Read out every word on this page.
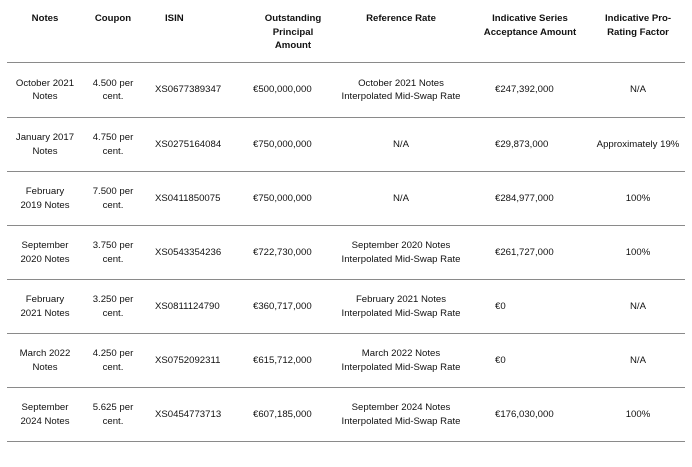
Notes	Coupon	ISIN	Outstanding Principal Amount	Reference Rate	Indicative Series Acceptance Amount	Indicative Pro-Rating Factor
October 2021 Notes	4.500 per cent.	XS0677389347	€500,000,000	October 2021 Notes Interpolated Mid-Swap Rate	€247,392,000	N/A
January 2017 Notes	4.750 per cent.	XS0275164084	€750,000,000	N/A	€29,873,000	Approximately 19%
February 2019 Notes	7.500 per cent.	XS0411850075	€750,000,000	N/A	€284,977,000	100%
September 2020 Notes	3.750 per cent.	XS0543354236	€722,730,000	September 2020 Notes Interpolated Mid-Swap Rate	€261,727,000	100%
February 2021 Notes	3.250 per cent.	XS0811124790	€360,717,000	February 2021 Notes Interpolated Mid-Swap Rate	€0	N/A
March 2022 Notes	4.250 per cent.	XS0752092311	€615,712,000	March 2022 Notes Interpolated Mid-Swap Rate	€0	N/A
September 2024 Notes	5.625 per cent.	XS0454773713	€607,185,000	September 2024 Notes Interpolated Mid-Swap Rate	€176,030,000	100%
